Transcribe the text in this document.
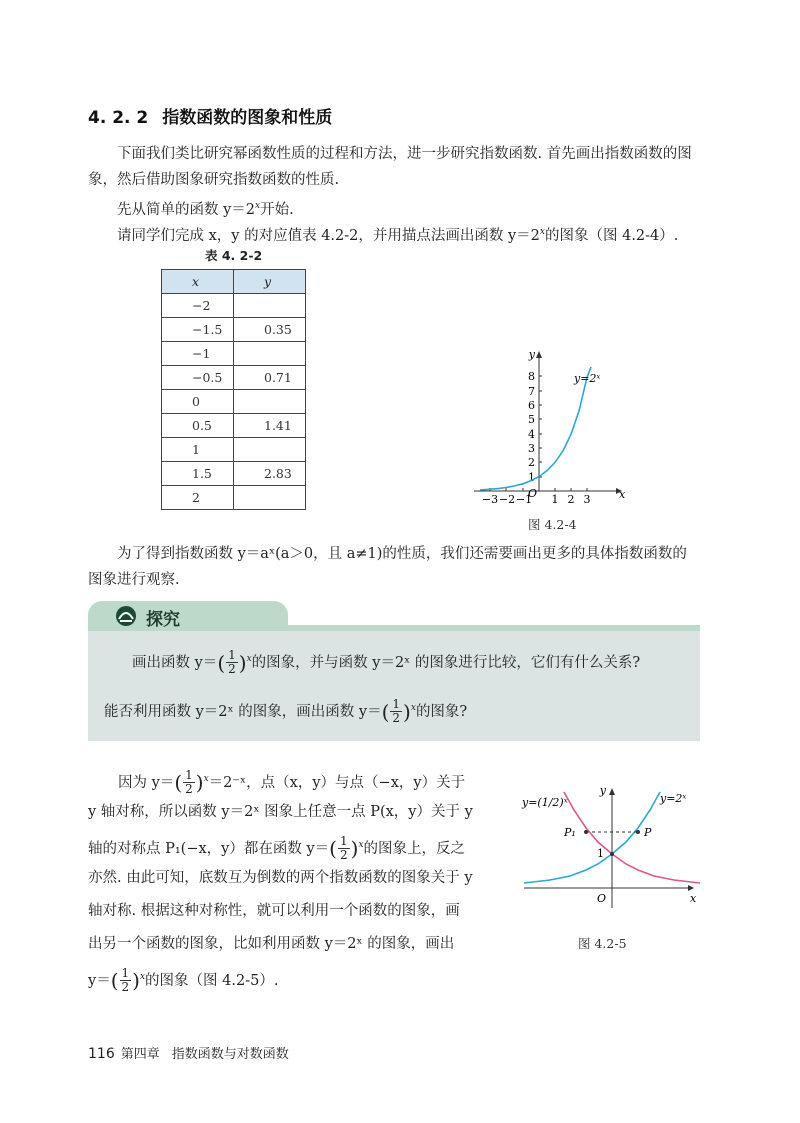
4. 2. 2 指数函数的图象和性质
下面我们类比研究幂函数性质的过程和方法，进一步研究指数函数. 首先画出指数函数的图象，然后借助图象研究指数函数的性质.
先从简单的函数 $y=2^x$开始.
请同学们完成 x，y 的对应值表 4.2-2，并用描点法画出函数 $y=2^x$的图象（图 4.2-4）.
表 4. 2-2
x	y
−2	
−1.5	0.35
−1	
−0.5	0.71
0	
0.5	1.41
1	
1.5	2.83
2	
y
x
O
−3 −2 −1 1 2 3
1
2
3
4
5
6
7
8	y=2ˣ
图 4.2-4
为了得到指数函数 y＝aˣ(a＞0，且 a≠1)的性质，我们还需要画出更多的具体指数函数的图象进行观察.
探究
画出函数 $y=( \frac{1}{2} )^x$的图象，并与函数 y＝2ˣ 的图象进行比较，它们有什么关系?
能否利用函数 y＝2ˣ 的图象，画出函数 $y=( \frac{1}{2} )^x$的图象?
因为 $y=( \frac{1}{2}$ )$^x=2^-ˣ$，点（x，y）与点（−x，y）关于
y 轴对称，所以函数 y＝2ˣ 图象上任意一点 P(x，y）关于 y
轴的对称点 P₁(−x，y）都在函数 $y=( \frac{1}{2} )^x$的图象上，反之
亦然. 由此可知，底数互为倒数的两个指数函数的图象关于 y
轴对称. 根据这种对称性，就可以利用一个函数的图象，画
出另一个函数的图象，比如利用函数 y＝2ˣ 的图象，画出
$y=( \frac{1}{2} )^x$的图象（图 4.2-5）.
y
x
O
P₁	P
1
y=(1/2)ˣ	y=2ˣ
图 4.2-5
116 第四章 指数函数与对数函数
